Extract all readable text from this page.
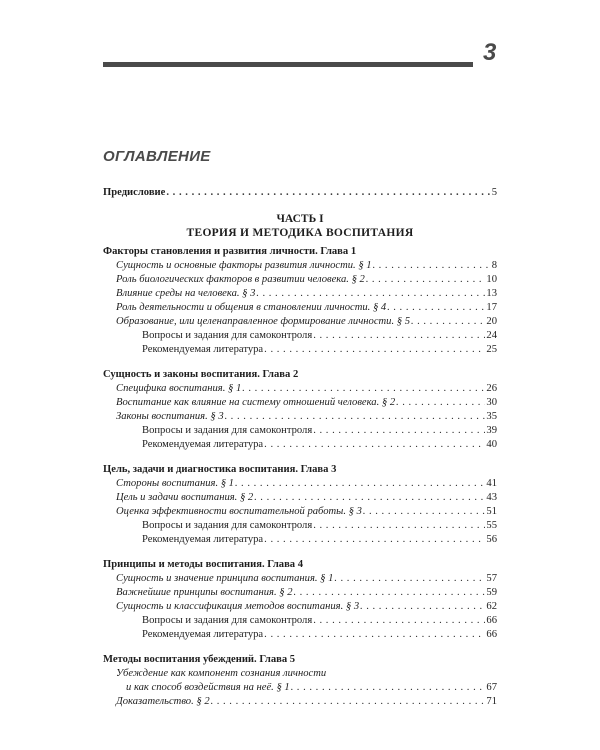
3
ОГЛАВЛЕНИЕ
Предисловие . . .	5
ЧАСТЬ I
ТЕОРИЯ И МЕТОДИКА ВОСПИТАНИЯ
Факторы становления и развития личности. Глава 1
Сущность и основные факторы развития личности. § 1 . . .	8
Роль биологических факторов в развитии человека. § 2 . . .	10
Влияние среды на человека. § 3 . . .	13
Роль деятельности и общения в становлении личности. § 4 . . .	17
Образование, или целенаправленное формирование личности. § 5 . . .	20
Вопросы и задания для самоконтроля . . .	24
Рекомендуемая литература . . .	25
Сущность и законы воспитания. Глава 2
Специфика воспитания. § 1 . . .	26
Воспитание как влияние на систему отношений человека. § 2 . . .	30
Законы воспитания. § 3 . . .	35
Вопросы и задания для самоконтроля . . .	39
Рекомендуемая литература . . .	40
Цель, задачи и диагностика воспитания. Глава 3
Стороны воспитания. § 1 . . .	41
Цель и задачи воспитания. § 2 . . .	43
Оценка эффективности воспитательной работы. § 3 . . .	51
Вопросы и задания для самоконтроля . . .	55
Рекомендуемая литература . . .	56
Принципы и методы воспитания. Глава 4
Сущность и значение принципа воспитания. § 1 . . .	57
Важнейшие принципы воспитания. § 2 . . .	59
Сущность и классификация методов воспитания. § 3 . . .	62
Вопросы и задания для самоконтроля . . .	66
Рекомендуемая литература . . .	66
Методы воспитания убеждений. Глава 5
Убеждение как компонент сознания личности
и как способ воздействия на неё. § 1 . . .	67
Доказательство. § 2 . . .	71
